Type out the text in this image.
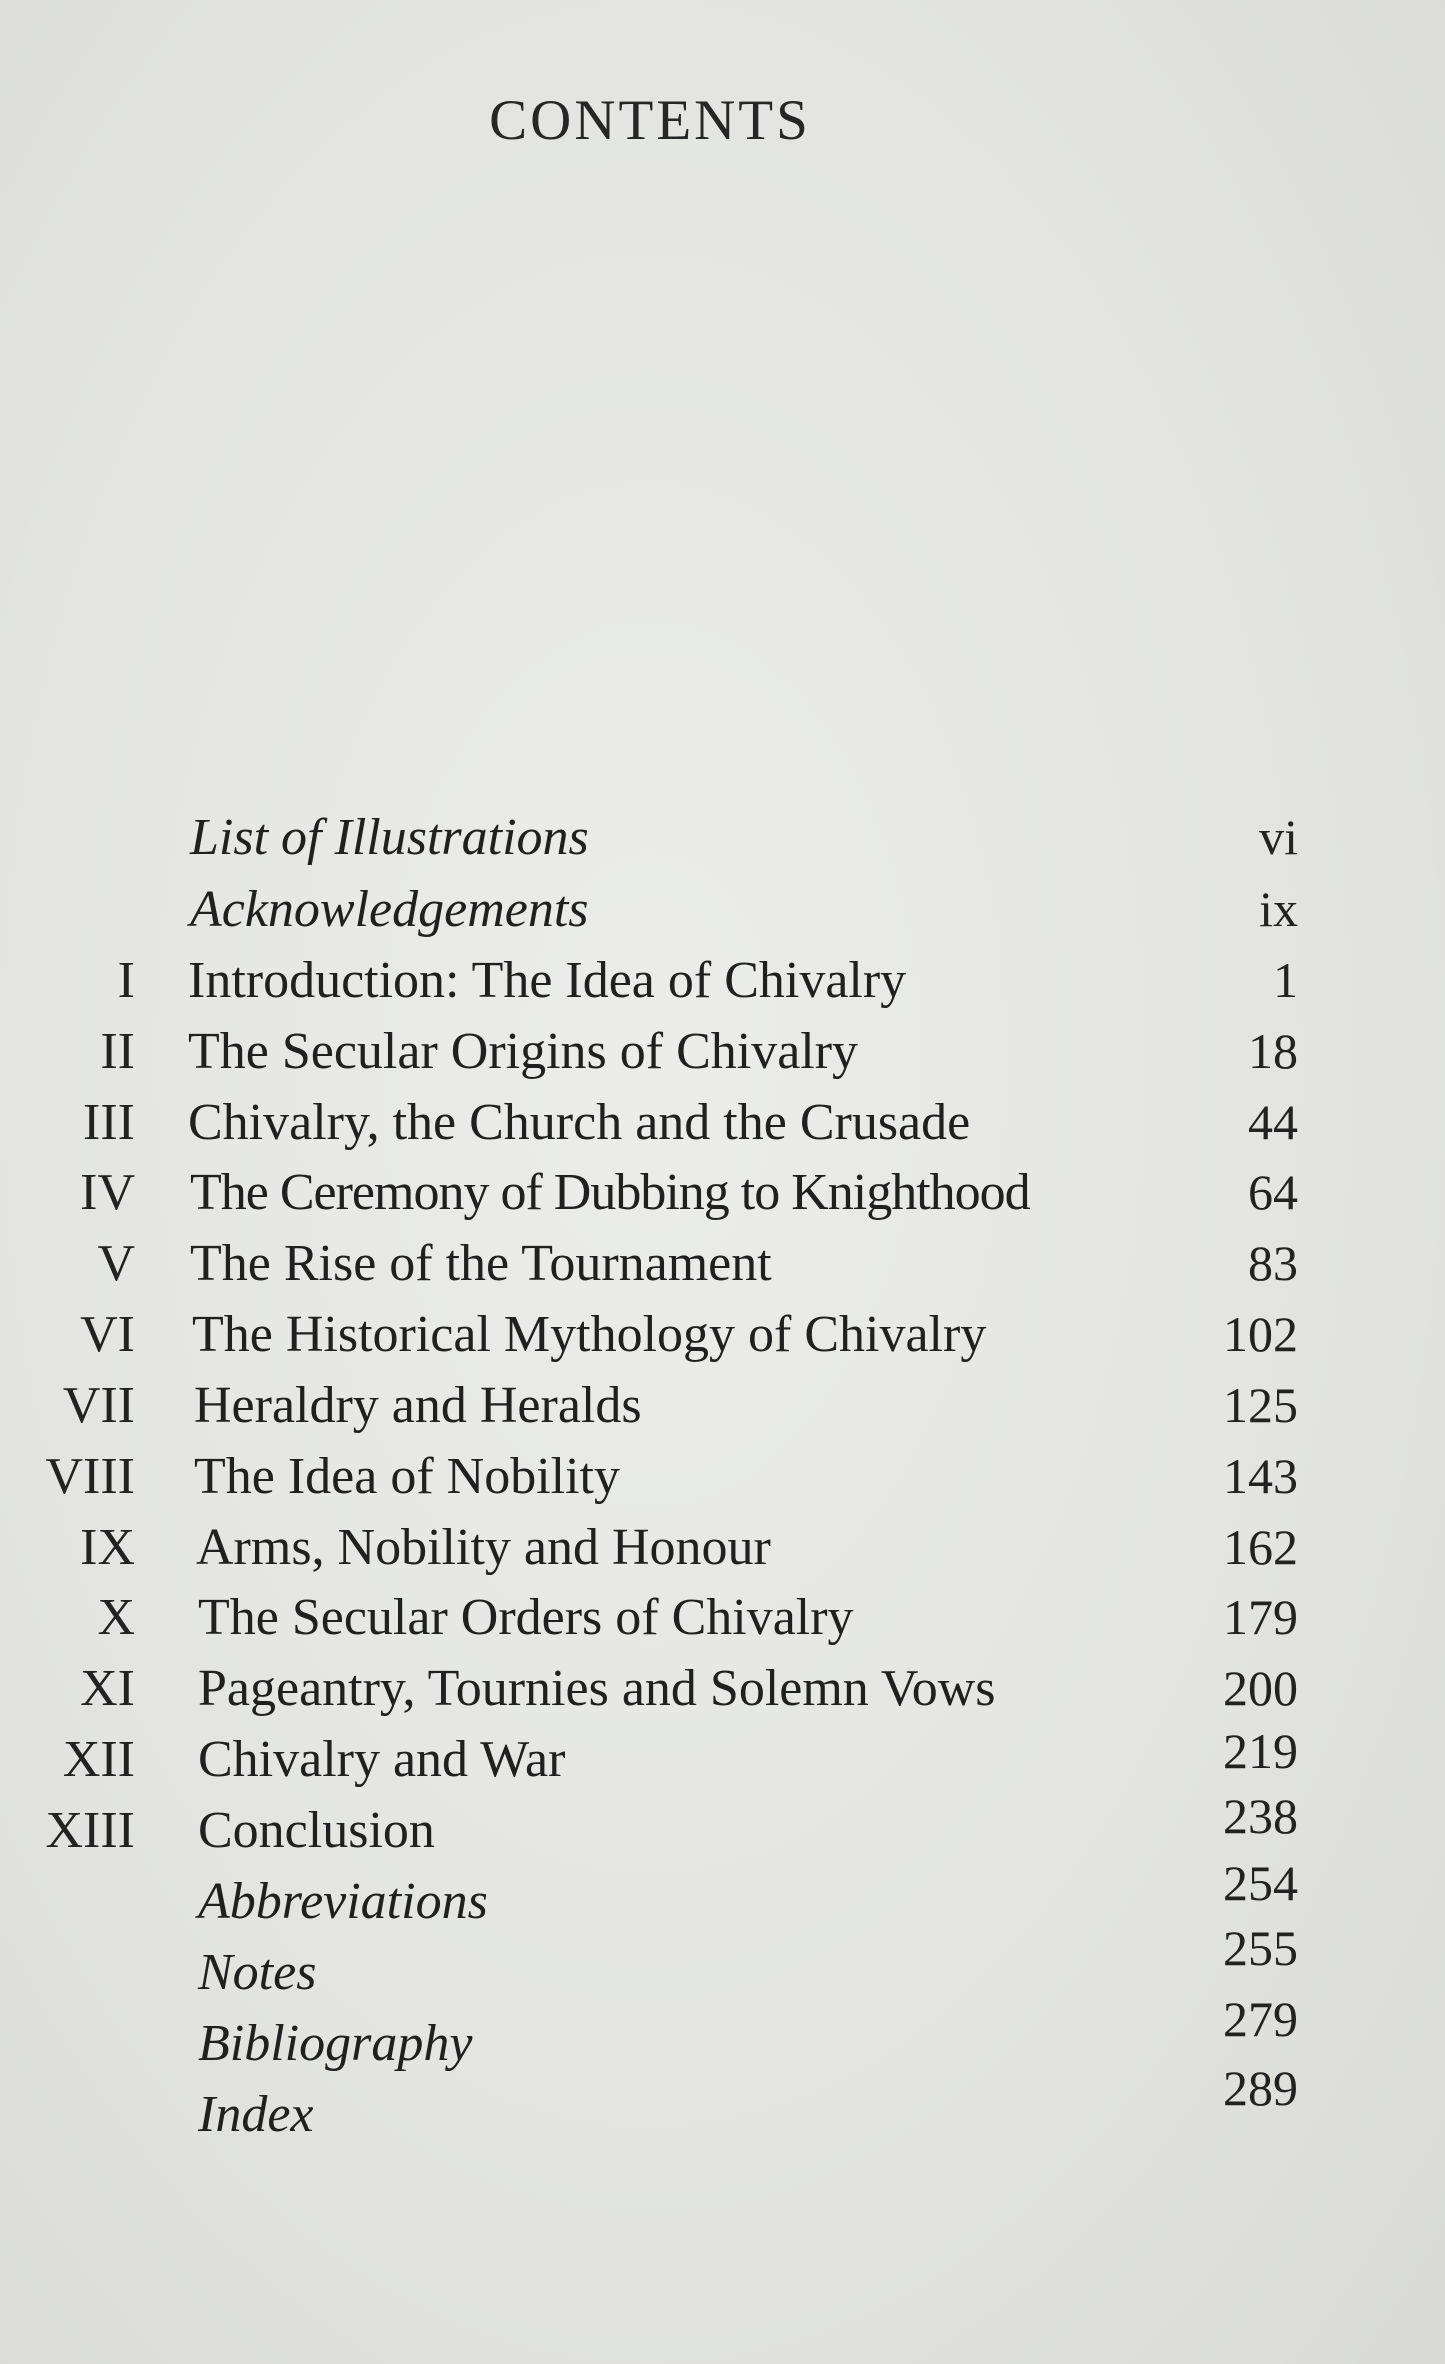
CONTENTS
List of Illustrations	vi
Acknowledgements	ix
I Introduction: The Idea of Chivalry	1
II The Secular Origins of Chivalry	18
III Chivalry, the Church and the Crusade	44
IV The Ceremony of Dubbing to Knighthood	64
V The Rise of the Tournament	83
VI The Historical Mythology of Chivalry	102
VII Heraldry and Heralds	125
VIII The Idea of Nobility	143
IX Arms, Nobility and Honour	162
X The Secular Orders of Chivalry	179
XI Pageantry, Tournies and Solemn Vows	200
XII Chivalry and War	219
XIII Conclusion	238
Abbreviations	254
Notes	255
Bibliography	279
Index	289
